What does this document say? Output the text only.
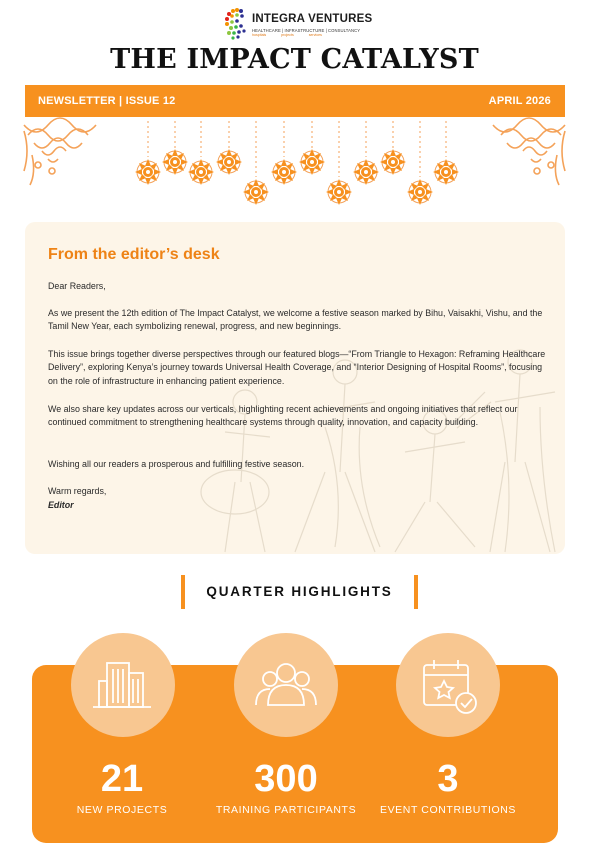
INTEGRA VENTURES
HEALTHCARE | INFRASTRUCTURE | CONSULTANCY
hospitals projects services
THE IMPACT CATALYST
NEWSLETTER | ISSUE 12	APRIL 2026
From the editor’s desk

Dear Readers,

As we present the 12th edition of The Impact Catalyst, we welcome a festive season marked by Bihu, Vaisakhi, Vishu, and the Tamil New Year, each symbolizing renewal, progress, and new beginnings.

This issue brings together diverse perspectives through our featured blogs—“From Triangle to Hexagon: Reframing Healthcare Delivery”, exploring Kenya’s journey towards Universal Health Coverage, and “Interior Designing of Hospital Rooms”, focusing on the role of infrastructure in enhancing patient experience.

We also share key updates across our verticals, highlighting recent achievements and ongoing initiatives that reflect our continued commitment to strengthening healthcare systems through quality, innovation, and capacity building.

Wishing all our readers a prosperous and fulfilling festive season.

Warm regards,

Editor

QUARTER HIGHLIGHTS
21
NEW PROJECTS
300
TRAINING PARTICIPANTS
3
EVENT CONTRIBUTIONS
